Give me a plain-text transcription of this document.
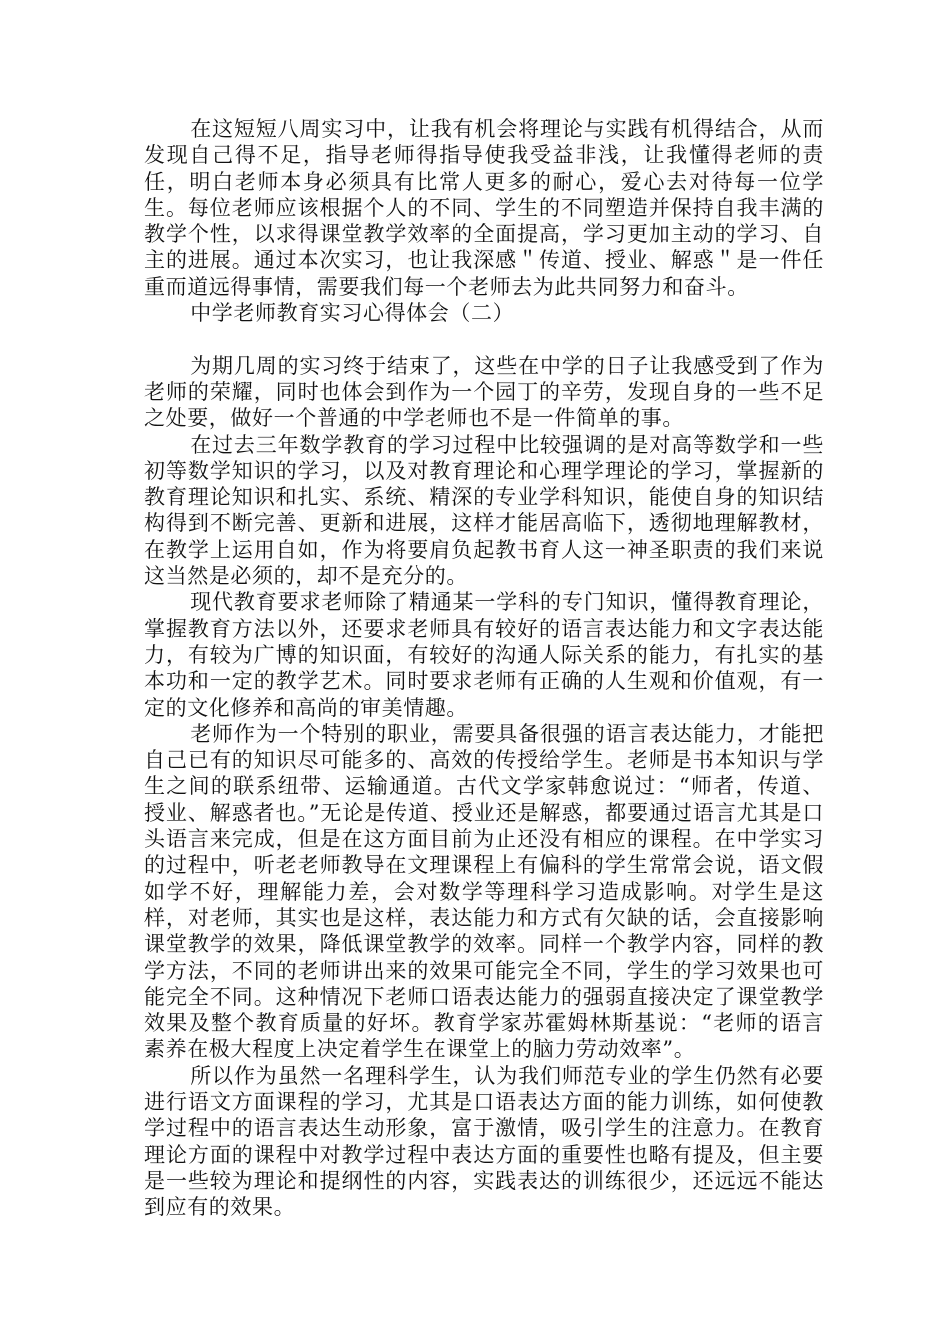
在这短短八周实习中，让我有机会将理论与实践有机得结合，从而发现自己得不足，指导老师得指导使我受益非浅，让我懂得老师的责任，明白老师本身必须具有比常人更多的耐心，爱心去对待每一位学生。每位老师应该根据个人的不同、学生的不同塑造并保持自我丰满的教学个性，以求得课堂教学效率的全面提高，学习更加主动的学习、自主的进展。通过本次实习，也让我深感＂传道、授业、解惑＂是一件任重而道远得事情，需要我们每一个老师去为此共同努力和奋斗。

中学老师教育实习心得体会（二）

为期几周的实习终于结束了，这些在中学的日子让我感受到了作为老师的荣耀，同时也体会到作为一个园丁的辛劳，发现自身的一些不足之处要，做好一个普通的中学老师也不是一件简单的事。

在过去三年数学教育的学习过程中比较强调的是对高等数学和一些初等数学知识的学习，以及对教育理论和心理学理论的学习，掌握新的教育理论知识和扎实、系统、精深的专业学科知识，能使自身的知识结构得到不断完善、更新和进展，这样才能居高临下，透彻地理解教材，在教学上运用自如，作为将要肩负起教书育人这一神圣职责的我们来说这当然是必须的，却不是充分的。

现代教育要求老师除了精通某一学科的专门知识，懂得教育理论，掌握教育方法以外，还要求老师具有较好的语言表达能力和文字表达能力，有较为广博的知识面，有较好的沟通人际关系的能力，有扎实的基本功和一定的教学艺术。同时要求老师有正确的人生观和价值观，有一定的文化修养和高尚的审美情趣。

老师作为一个特别的职业，需要具备很强的语言表达能力，才能把自己已有的知识尽可能多的、高效的传授给学生。老师是书本知识与学生之间的联系纽带、运输通道。古代文学家韩愈说过：“师者，传道、授业、解惑者也。”无论是传道、授业还是解惑，都要通过语言尤其是口头语言来完成，但是在这方面目前为止还没有相应的课程。在中学实习的过程中，听老老师教导在文理课程上有偏科的学生常常会说，语文假如学不好，理解能力差，会对数学等理科学习造成影响。对学生是这样，对老师，其实也是这样，表达能力和方式有欠缺的话，会直接影响课堂教学的效果，降低课堂教学的效率。同样一个教学内容，同样的教学方法，不同的老师讲出来的效果可能完全不同，学生的学习效果也可能完全不同。这种情况下老师口语表达能力的强弱直接决定了课堂教学效果及整个教育质量的好坏。教育学家苏霍姆林斯基说：“老师的语言素养在极大程度上决定着学生在课堂上的脑力劳动效率”。

所以作为虽然一名理科学生，认为我们师范专业的学生仍然有必要进行语文方面课程的学习，尤其是口语表达方面的能力训练，如何使教学过程中的语言表达生动形象，富于激情，吸引学生的注意力。在教育理论方面的课程中对教学过程中表达方面的重要性也略有提及，但主要是一些较为理论和提纲性的内容，实践表达的训练很少，还远远不能达到应有的效果。
